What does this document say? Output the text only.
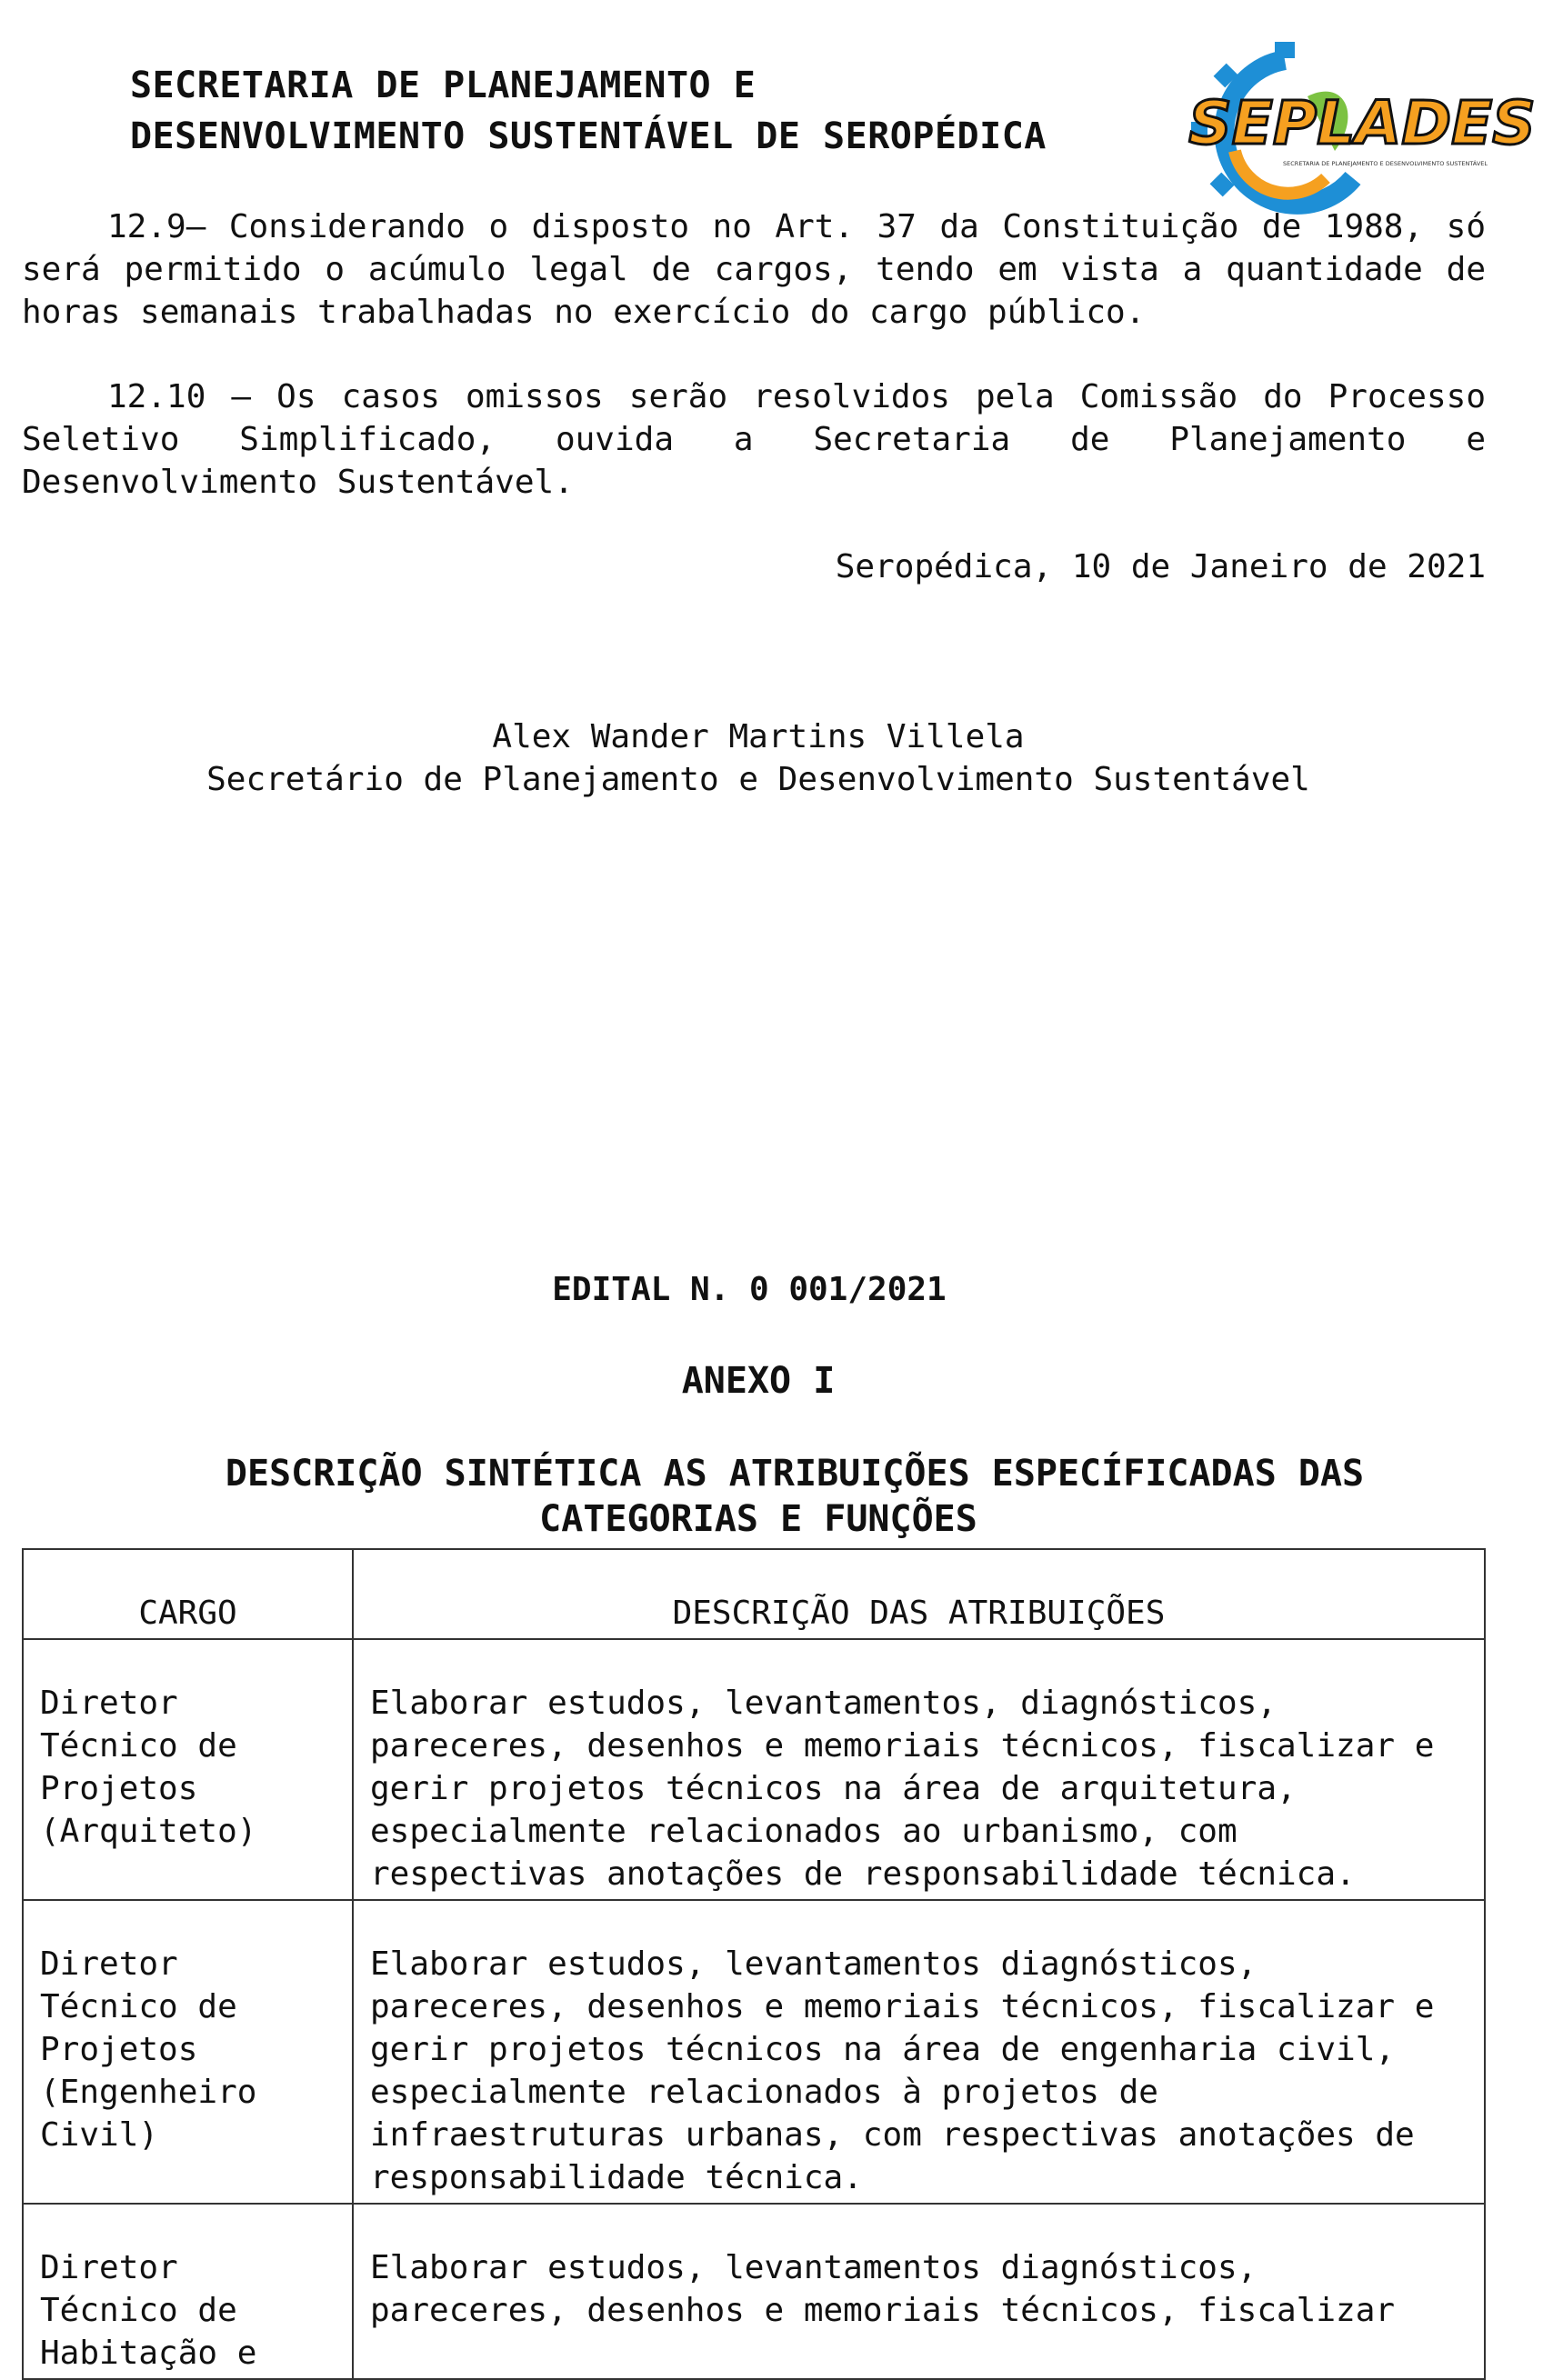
SECRETARIA DE PLANEJAMENTO E
DESENVOLVIMENTO SUSTENTÁVEL DE SEROPÉDICA SEPLADES
SECRETARIA DE PLANEJAMENTO E DESENVOLVIMENTO SUSTENTÁVEL
12.9– Considerando o disposto no Art. 37 da Constituição de 1988, só será permitido o acúmulo legal de cargos, tendo em vista a quantidade de horas semanais trabalhadas no exercício do cargo público.
12.10 – Os casos omissos serão resolvidos pela Comissão do Processo Seletivo Simplificado, ouvida a Secretaria de Planejamento e Desenvolvimento Sustentável.
Seropédica, 10 de Janeiro de 2021
Alex Wander Martins Villela
Secretário de Planejamento e Desenvolvimento Sustentável
EDITAL N. 0 001/2021
ANEXO I
DESCRIÇÃO SINTÉTICA AS ATRIBUIÇÕES ESPECÍFICADAS DAS
CATEGORIAS E FUNÇÕES
CARGO	DESCRIÇÃO DAS ATRIBUIÇÕES
Diretor Técnico de Projetos (Arquiteto)	Elaborar estudos, levantamentos, diagnósticos, pareceres, desenhos e memoriais técnicos, fiscalizar e gerir projetos técnicos na área de arquitetura, especialmente relacionados ao urbanismo, com respectivas anotações de responsabilidade técnica.
Diretor Técnico de Projetos (Engenheiro Civil)	Elaborar estudos, levantamentos diagnósticos, pareceres, desenhos e memoriais técnicos, fiscalizar e gerir projetos técnicos na área de engenharia civil, especialmente relacionados à projetos de infraestruturas urbanas, com respectivas anotações de responsabilidade técnica.
Diretor Técnico de Habitação e	Elaborar estudos, levantamentos diagnósticos, pareceres, desenhos e memoriais técnicos, fiscalizar
